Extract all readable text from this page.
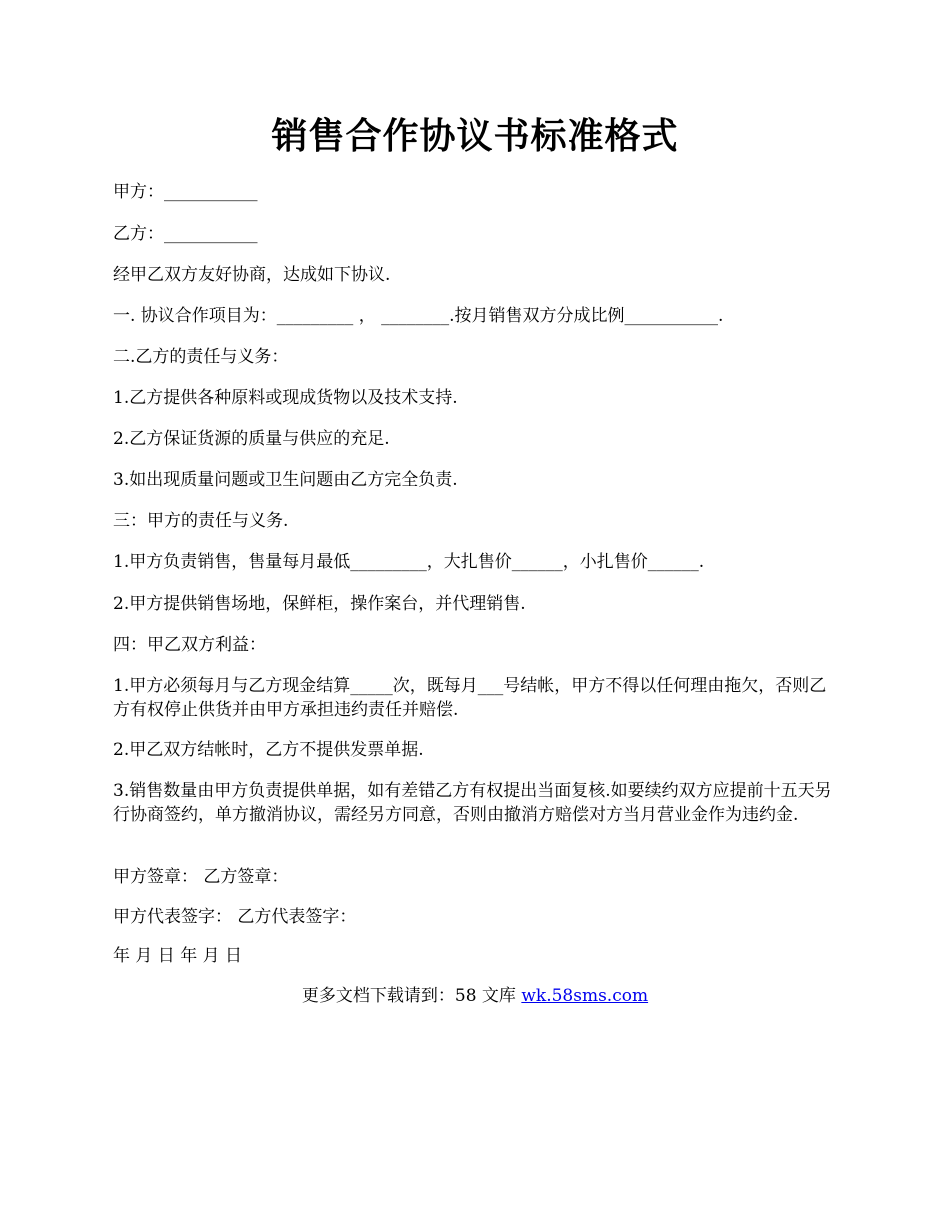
销售合作协议书标准格式
甲方：___________
乙方：___________
经甲乙双方友好协商，达成如下协议.
一. 协议合作项目为：_________ ， ________.按月销售双方分成比例___________.
二.乙方的责任与义务：
1.乙方提供各种原料或现成货物以及技术支持.
2.乙方保证货源的质量与供应的充足.
3.如出现质量问题或卫生问题由乙方完全负责.
三：甲方的责任与义务.
1.甲方负责销售，售量每月最低_________，大扎售价______，小扎售价______.
2.甲方提供销售场地，保鲜柜，操作案台，并代理销售.
四：甲乙双方利益：
1.甲方必须每月与乙方现金结算_____次，既每月___号结帐，甲方不得以任何理由拖欠，否则乙方有权停止供货并由甲方承担违约责任并赔偿.
2.甲乙双方结帐时，乙方不提供发票单据.
3.销售数量由甲方负责提供单据，如有差错乙方有权提出当面复核.如要续约双方应提前十五天另行协商签约，单方撤消协议，需经另方同意，否则由撤消方赔偿对方当月营业金作为违约金.
甲方签章： 乙方签章：
甲方代表签字： 乙方代表签字：
年 月 日 年 月 日
更多文档下载请到：58 文库 wk.58sms.com
